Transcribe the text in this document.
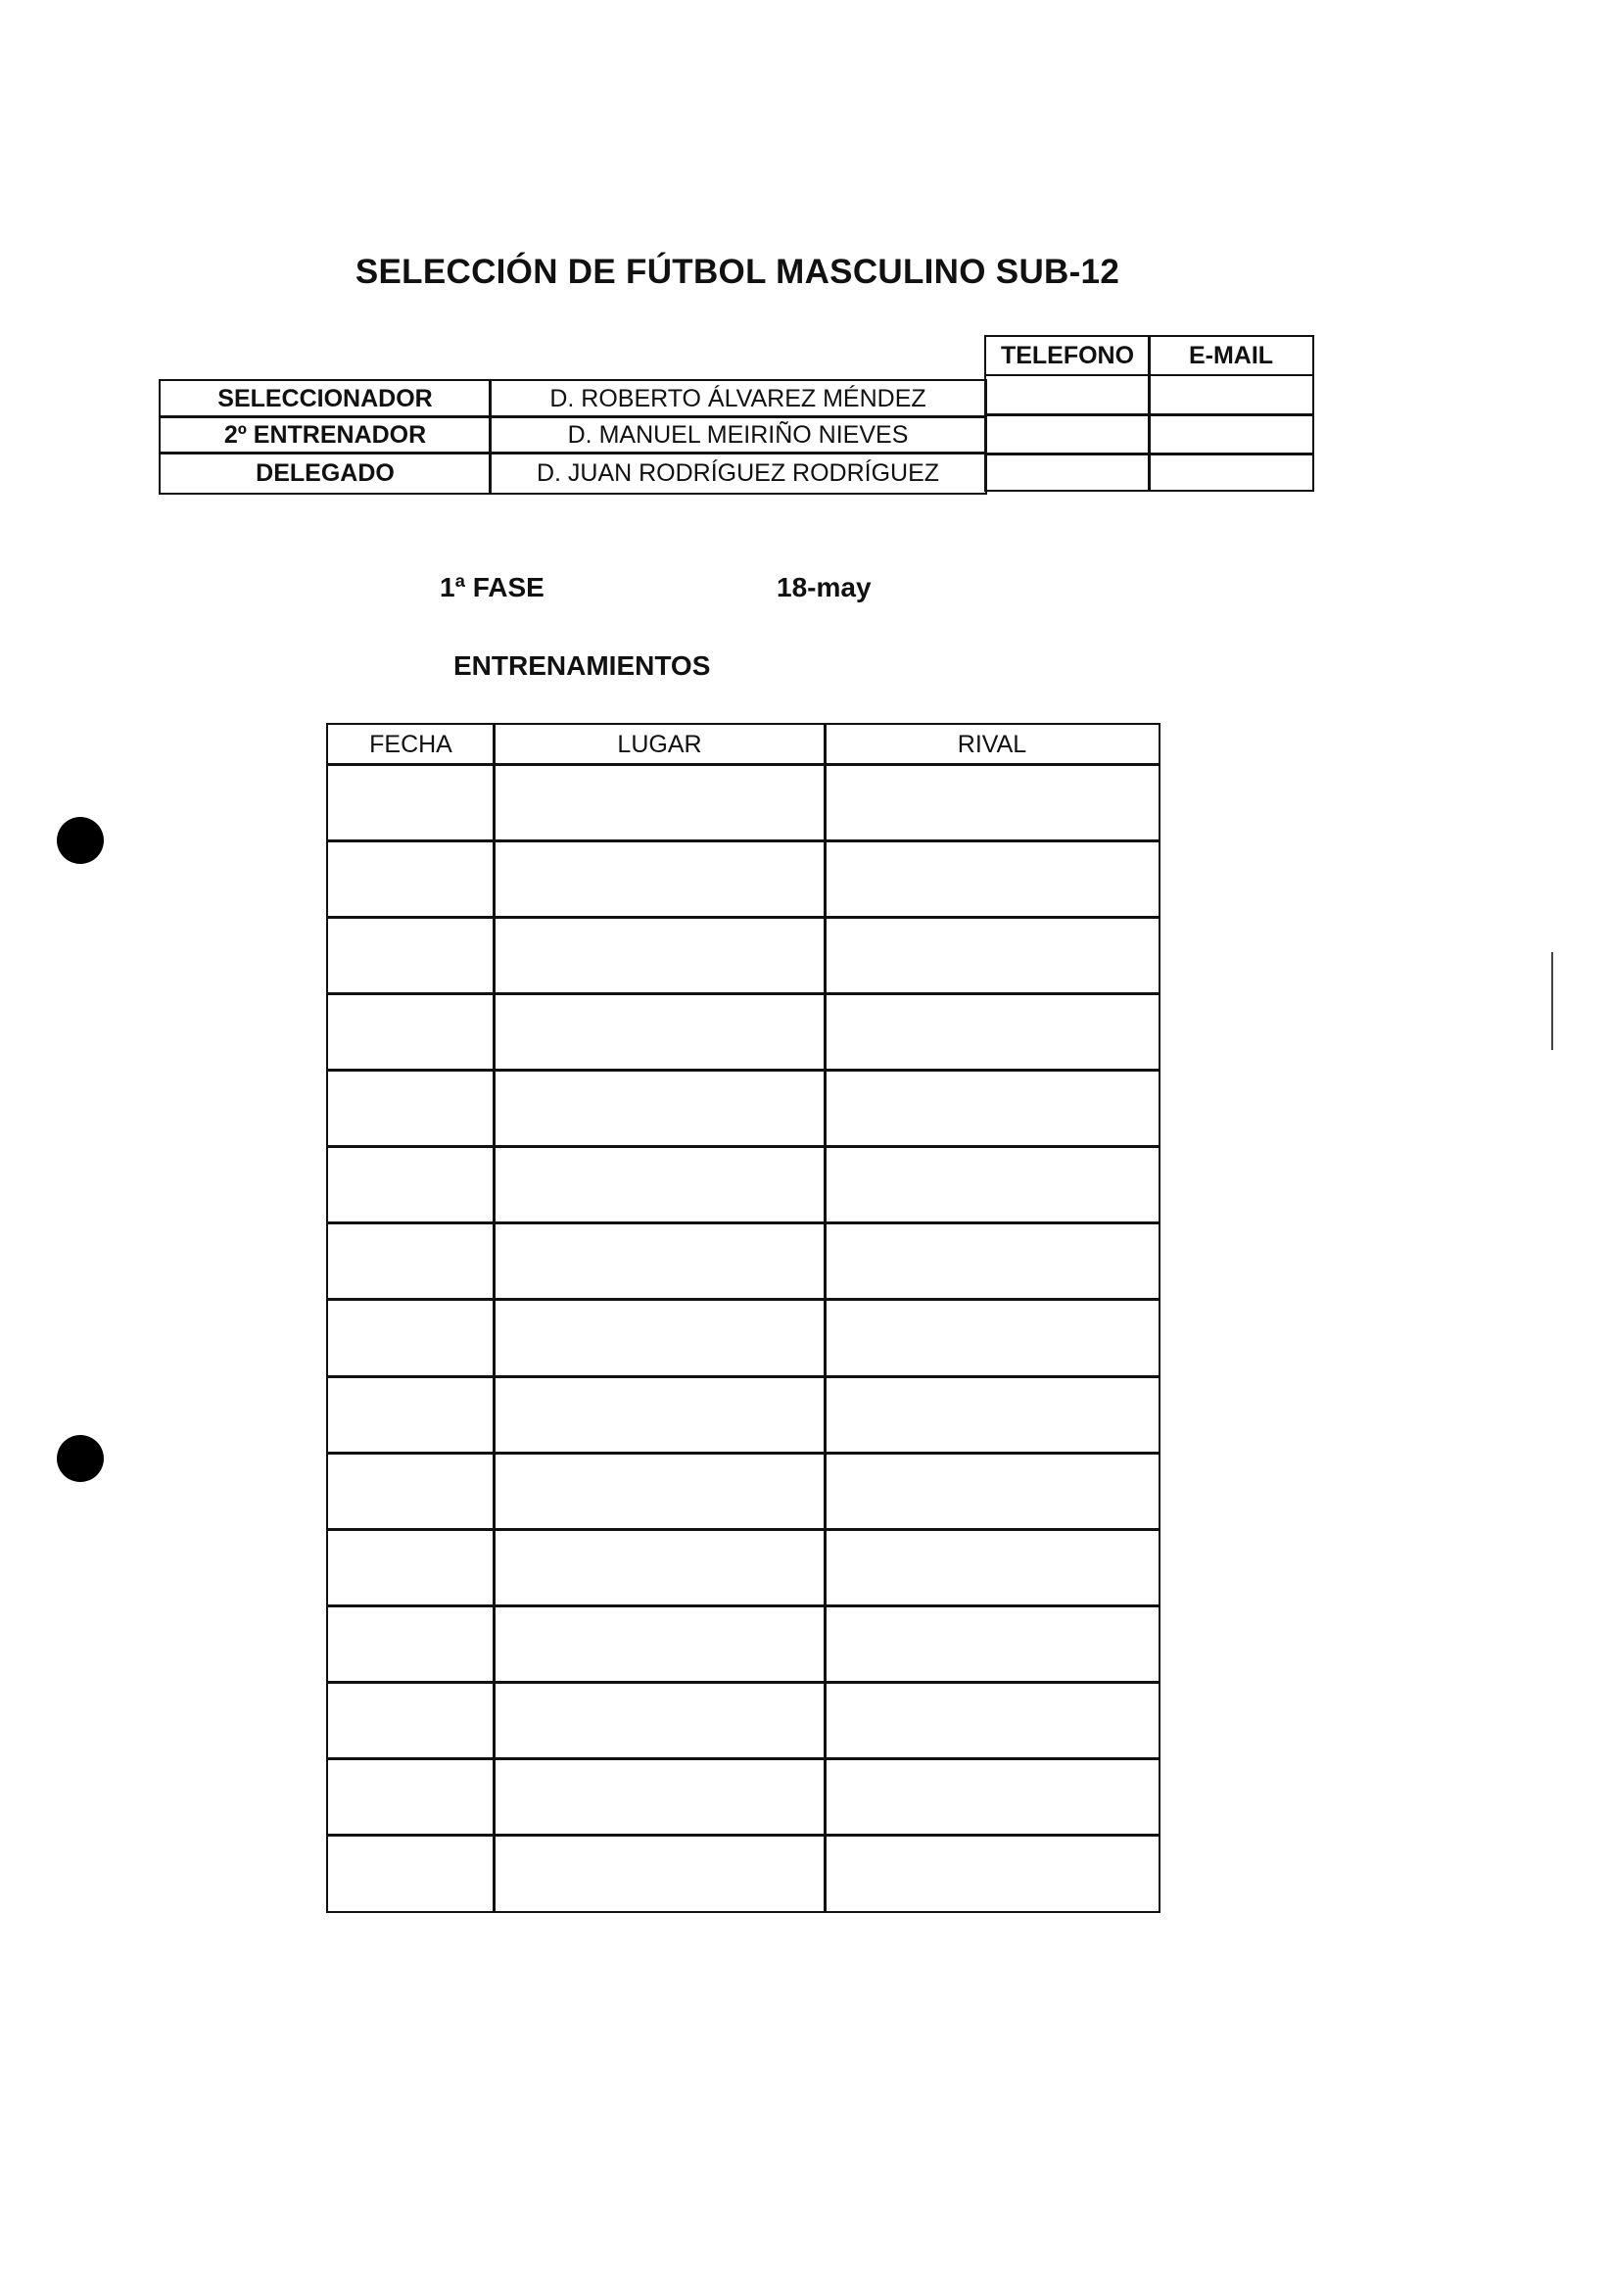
SELECCIÓN DE FÚTBOL MASCULINO SUB-12
TELEFONO	E-MAIL
SELECCIONADOR	D. ROBERTO ÁLVAREZ MÉNDEZ
2º ENTRENADOR	D. MANUEL MEIRIÑO NIEVES
DELEGADO	D. JUAN RODRÍGUEZ RODRÍGUEZ
1ª FASE	18-may
ENTRENAMIENTOS
FECHA	LUGAR	RIVAL
